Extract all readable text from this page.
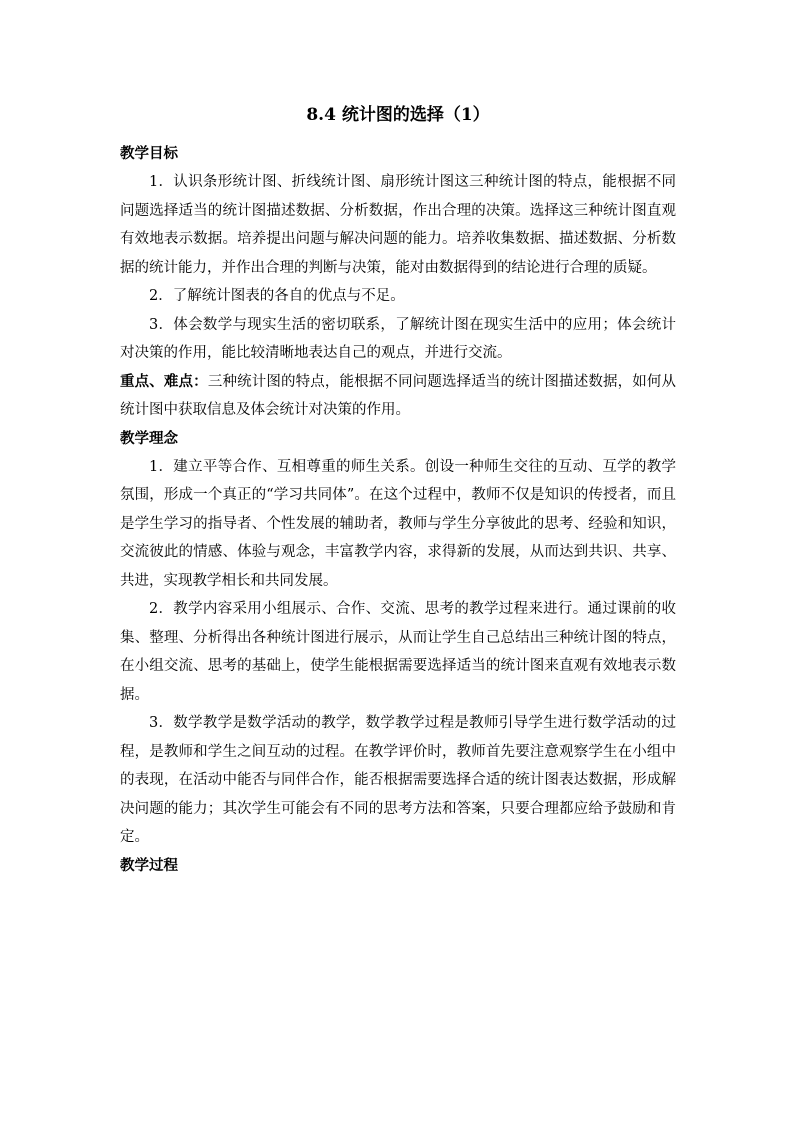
8.4 统计图的选择（1）

教学目标

1．认识条形统计图、折线统计图、扇形统计图这三种统计图的特点，能根据不同问题选择适当的统计图描述数据、分析数据，作出合理的决策。选择这三种统计图直观有效地表示数据。培养提出问题与解决问题的能力。培养收集数据、描述数据、分析数据的统计能力，并作出合理的判断与决策，能对由数据得到的结论进行合理的质疑。

2．了解统计图表的各自的优点与不足。

3．体会数学与现实生活的密切联系，了解统计图在现实生活中的应用；体会统计对决策的作用，能比较清晰地表达自己的观点，并进行交流。

重点、难点：三种统计图的特点，能根据不同问题选择适当的统计图描述数据，如何从统计图中获取信息及体会统计对决策的作用。

教学理念

1．建立平等合作、互相尊重的师生关系。创设一种师生交往的互动、互学的教学氛围，形成一个真正的“学习共同体”。在这个过程中，教师不仅是知识的传授者，而且是学生学习的指导者、个性发展的辅助者，教师与学生分享彼此的思考、经验和知识，交流彼此的情感、体验与观念，丰富教学内容，求得新的发展，从而达到共识、共享、共进，实现教学相长和共同发展。

2．教学内容采用小组展示、合作、交流、思考的教学过程来进行。通过课前的收集、整理、分析得出各种统计图进行展示，从而让学生自己总结出三种统计图的特点，在小组交流、思考的基础上，使学生能根据需要选择适当的统计图来直观有效地表示数据。

3．数学教学是数学活动的教学，数学教学过程是教师引导学生进行数学活动的过程，是教师和学生之间互动的过程。在教学评价时，教师首先要注意观察学生在小组中的表现，在活动中能否与同伴合作，能否根据需要选择合适的统计图表达数据，形成解决问题的能力；其次学生可能会有不同的思考方法和答案，只要合理都应给予鼓励和肯定。

教学过程
